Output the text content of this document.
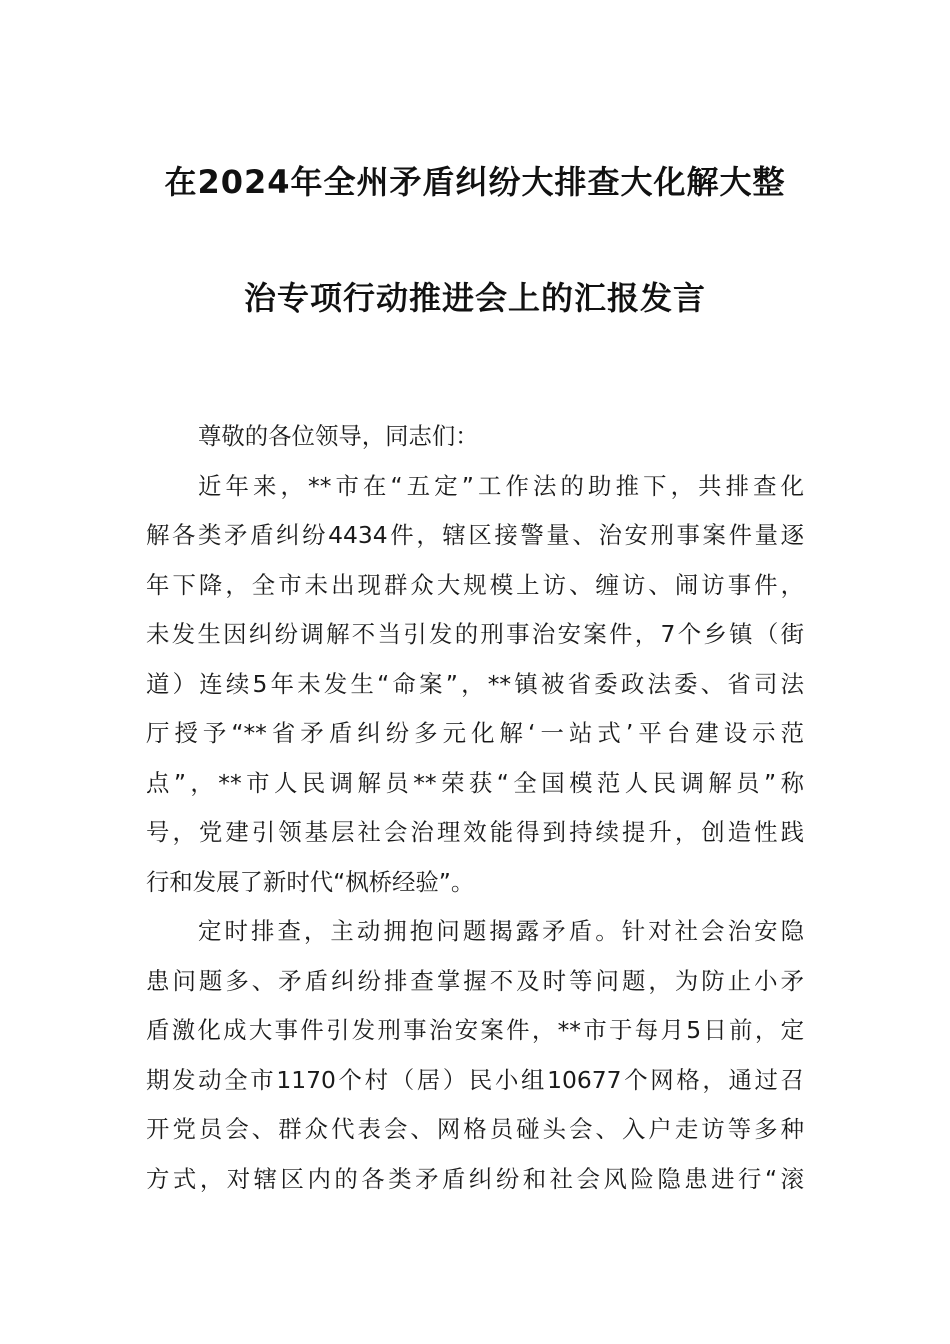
在2024年全州矛盾纠纷大排查大化解大整
治专项行动推进会上的汇报发言
尊敬的各位领导，同志们：
近年来，**市在“五定”工作法的助推下，共排查化
解各类矛盾纠纷4434件，辖区接警量、治安刑事案件量逐
年下降，全市未出现群众大规模上访、缠访、闹访事件，
未发生因纠纷调解不当引发的刑事治安案件，7个乡镇（街
道）连续5年未发生“命案”，**镇被省委政法委、省司法
厅授予“**省矛盾纠纷多元化解‘一站式’平台建设示范
点”，**市人民调解员**荣获“全国模范人民调解员”称
号，党建引领基层社会治理效能得到持续提升，创造性践
行和发展了新时代“枫桥经验”。
定时排查，主动拥抱问题揭露矛盾。针对社会治安隐
患问题多、矛盾纠纷排查掌握不及时等问题，为防止小矛
盾激化成大事件引发刑事治安案件，**市于每月5日前，定
期发动全市1170个村（居）民小组10677个网格，通过召
开党员会、群众代表会、网格员碰头会、入户走访等多种
方式，对辖区内的各类矛盾纠纷和社会风险隐患进行“滚
